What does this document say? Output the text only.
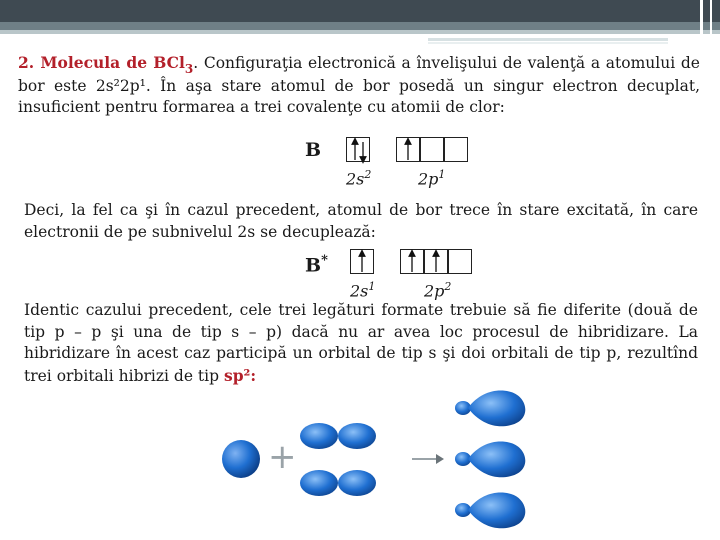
2. Molecula de BCl$_3$. Configuraţia electronică a învelişului de valenţă a atomului de bor este 2s²2p¹. În aşa stare atomul de bor posedă un singur electron decuplat, insuficient pentru formarea a trei covalenţe cu atomii de clor:
B
$2s^2$	$2p^1$
Deci, la fel ca şi în cazul precedent, atomul de bor trece în stare excitată, în care electronii de pe subnivelul 2s se decuplează:
B*
$2s^1$	$2p^2$
Identic cazului precedent, cele trei legături formate trebuie să fie diferite (două de tip p – p şi una de tip s – p) dacă nu ar avea loc procesul de hibridizare. La hibridizare în acest caz participă un orbital de tip s şi doi orbitali de tip p, rezultînd trei orbitali hibrizi de tip sp²:
+
